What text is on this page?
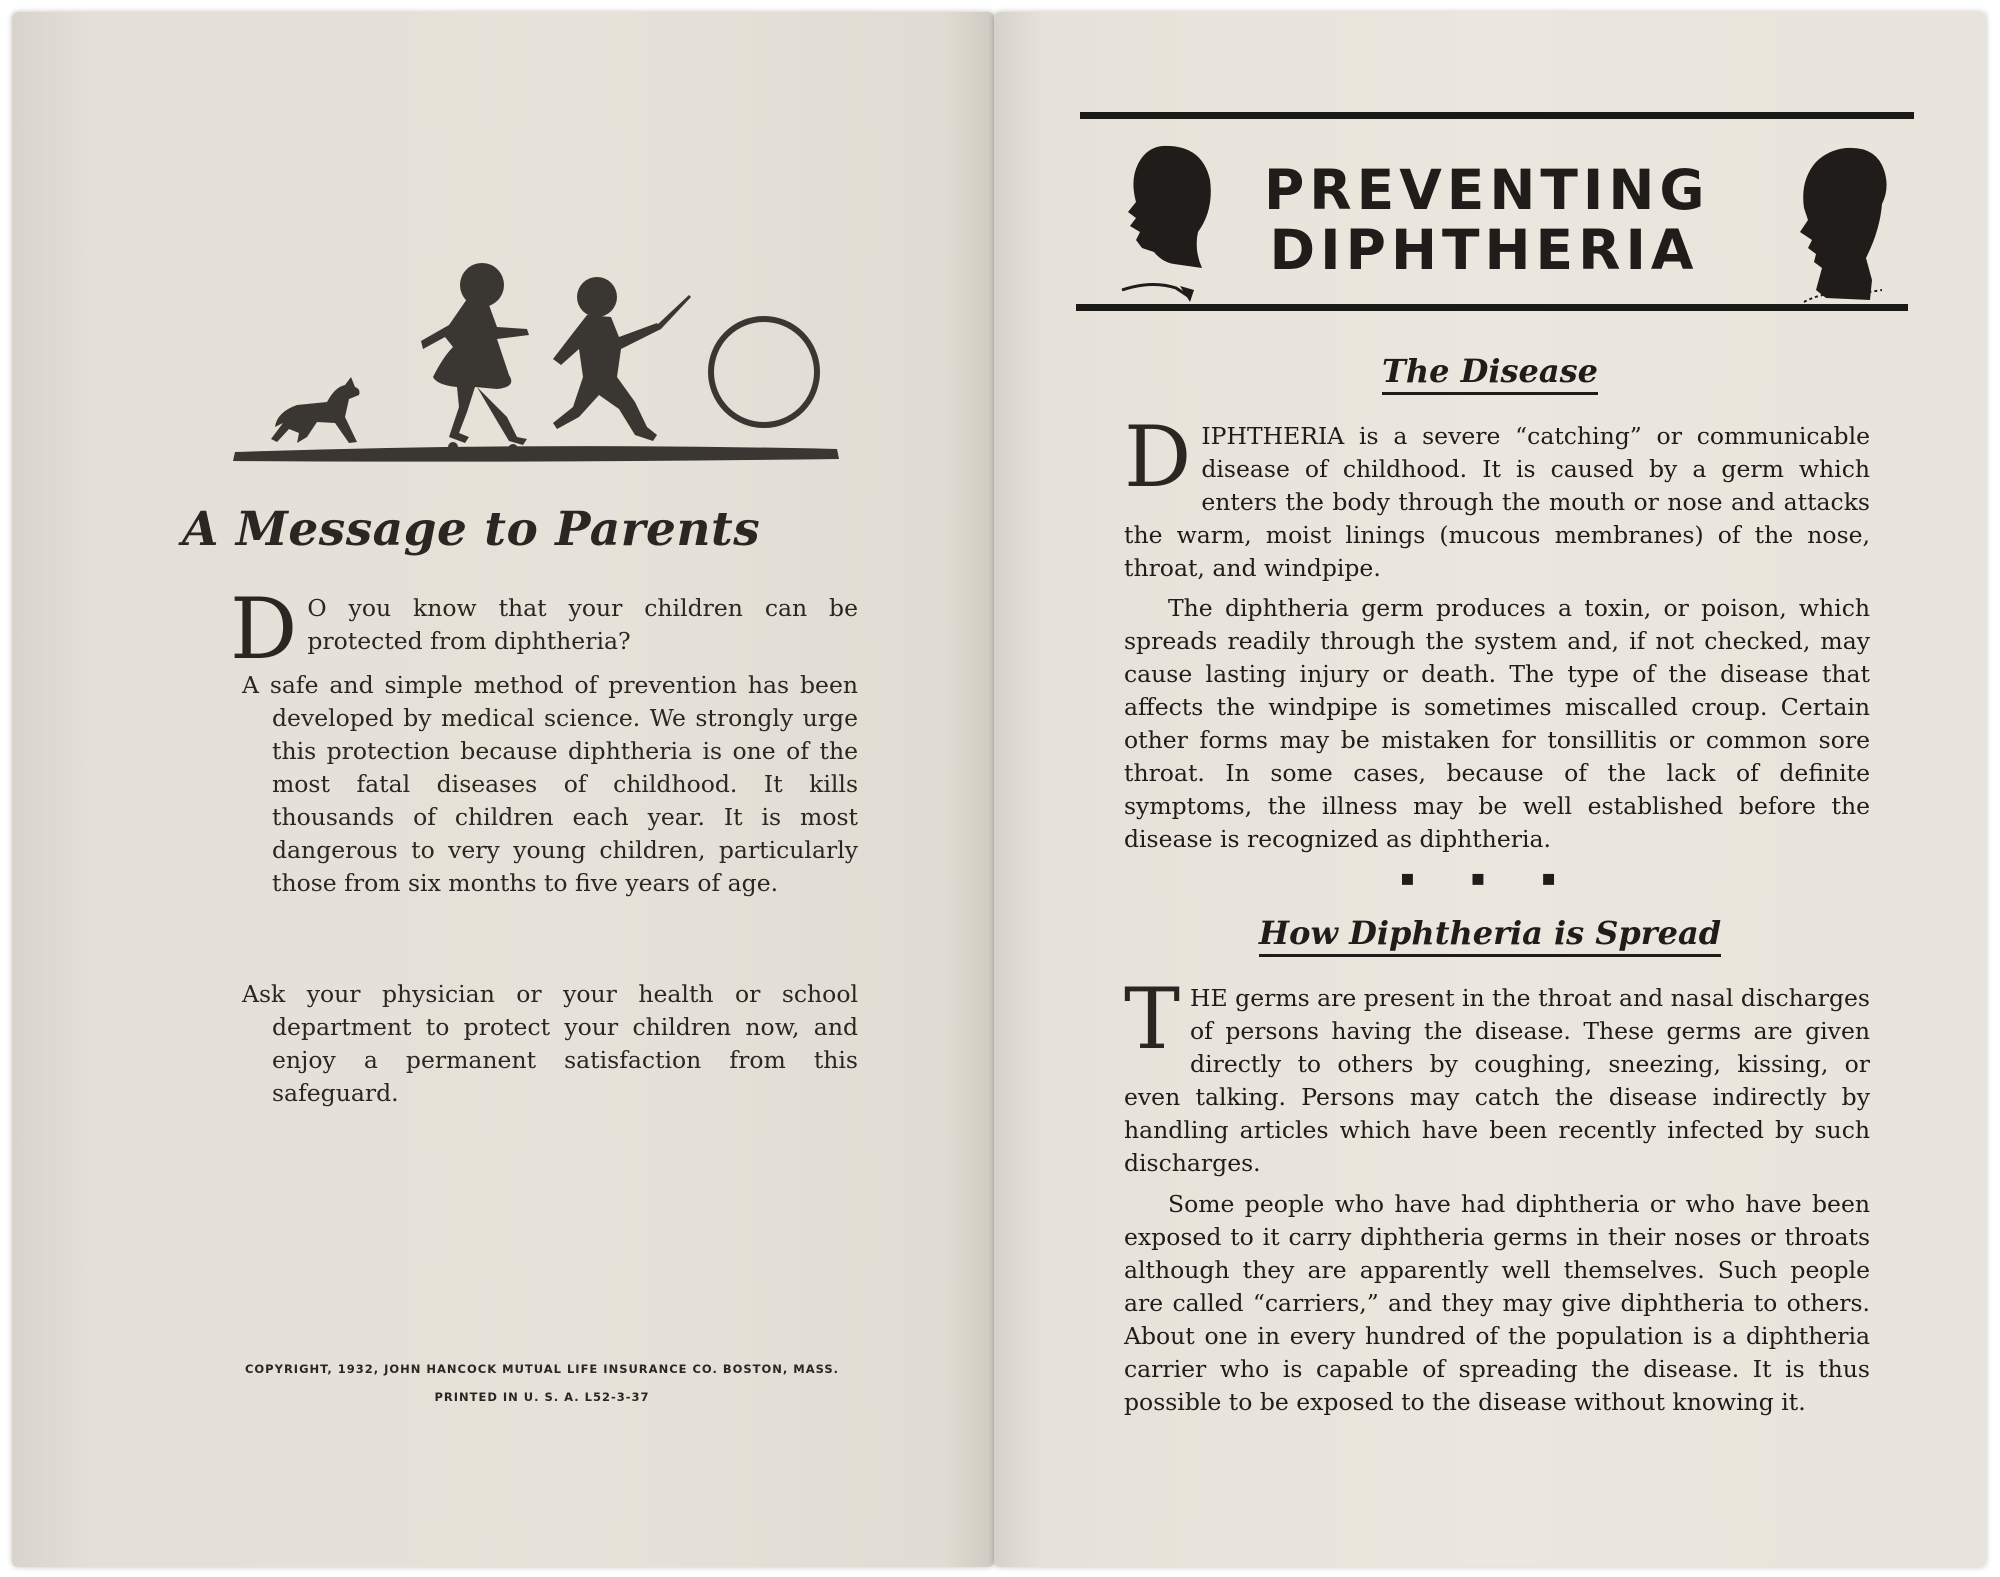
A Message to Parents
D O you know that your children can be protected from diphtheria?
A safe and simple method of prevention has been developed by medical science. We strongly urge this protection because diphtheria is one of the most fatal diseases of childhood. It kills thousands of children each year. It is most dangerous to very young children, particularly those from six months to five years of age.
Ask your physician or your health or school department to protect your children now, and enjoy a permanent satisfaction from this safeguard.
COPYRIGHT, 1932, JOHN HANCOCK MUTUAL LIFE INSURANCE CO. BOSTON, MASS.
PRINTED IN U. S. A. L52-3-37
PREVENTING
DIPHTHERIA
The Disease
D IPHTHERIA is a severe “catching” or communicable disease of childhood. It is caused by a germ which enters the body through the mouth or nose and attacks the warm, moist linings (mucous membranes) of the nose, throat, and windpipe.
The diphtheria germ produces a toxin, or poison, which spreads readily through the system and, if not checked, may cause lasting injury or death. The type of the disease that affects the windpipe is sometimes miscalled croup. Certain other forms may be mistaken for tonsillitis or common sore throat. In some cases, because of the lack of definite symptoms, the illness may be well established before the disease is recognized as diphtheria.
▪ ▪ ▪
How Diphtheria is Spread
T HE germs are present in the throat and nasal discharges of persons having the disease. These germs are given directly to others by coughing, sneezing, kissing, or even talking. Persons may catch the disease indirectly by handling articles which have been recently infected by such discharges.
Some people who have had diphtheria or who have been exposed to it carry diphtheria germs in their noses or throats although they are apparently well themselves. Such people are called “carriers,” and they may give diphtheria to others. About one in every hundred of the population is a diphtheria carrier who is capable of spreading the disease. It is thus possible to be exposed to the disease without knowing it.
